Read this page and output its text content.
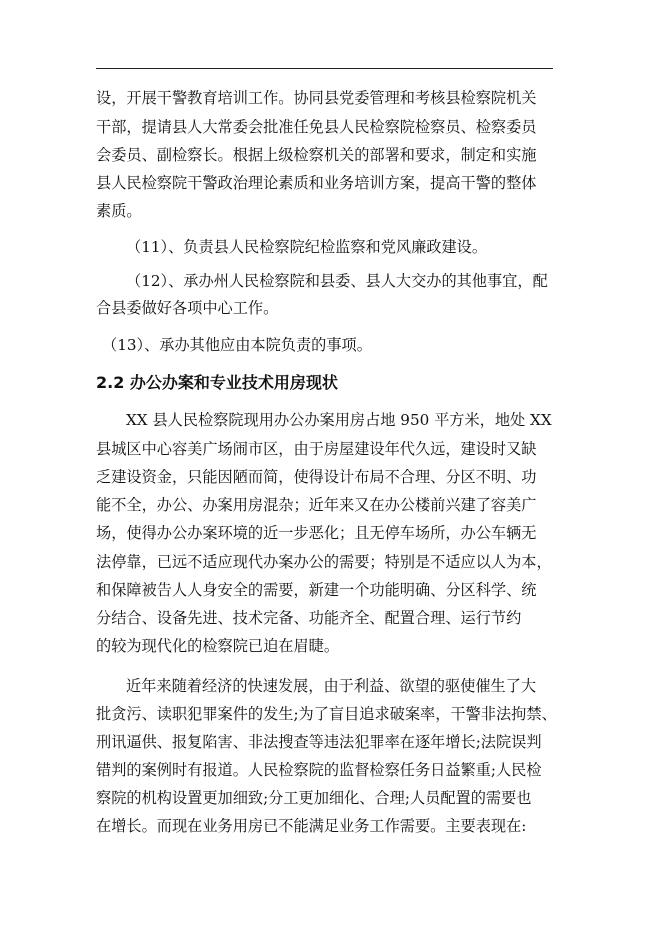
设，开展干警教育培训工作。协同县党委管理和考核县检察院机关
干部，提请县人大常委会批准任免县人民检察院检察员、检察委员
会委员、副检察长。根据上级检察机关的部署和要求，制定和实施
县人民检察院干警政治理论素质和业务培训方案，提高干警的整体
素质。
（11）、负责县人民检察院纪检监察和党风廉政建设。
（12）、承办州人民检察院和县委、县人大交办的其他事宜，配
合县委做好各项中心工作。
（13）、承办其他应由本院负责的事项。
2.2 办公办案和专业技术用房现状
XX 县人民检察院现用办公办案用房占地 950 平方米，地处 XX
县城区中心容美广场闹市区，由于房屋建设年代久远，建设时又缺
乏建设资金，只能因陋而简，使得设计布局不合理、分区不明、功
能不全，办公、办案用房混杂；近年来又在办公楼前兴建了容美广
场，使得办公办案环境的近一步恶化；且无停车场所，办公车辆无
法停靠，已远不适应现代办案办公的需要；特别是不适应以人为本，
和保障被告人人身安全的需要，新建一个功能明确、分区科学、统
分结合、设备先进、技术完备、功能齐全、配置合理、运行节约
的较为现代化的检察院已迫在眉睫。
近年来随着经济的快速发展，由于利益、欲望的驱使催生了大
批贪污、读职犯罪案件的发生;为了盲目追求破案率，干警非法拘禁、
刑讯逼供、报复陷害、非法搜查等违法犯罪率在逐年增长;法院误判
错判的案例时有报道。人民检察院的监督检察任务日益繁重;人民检
察院的机构设置更加细致;分工更加细化、合理;人员配置的需要也
在增长。而现在业务用房已不能满足业务工作需要。主要表现在:
